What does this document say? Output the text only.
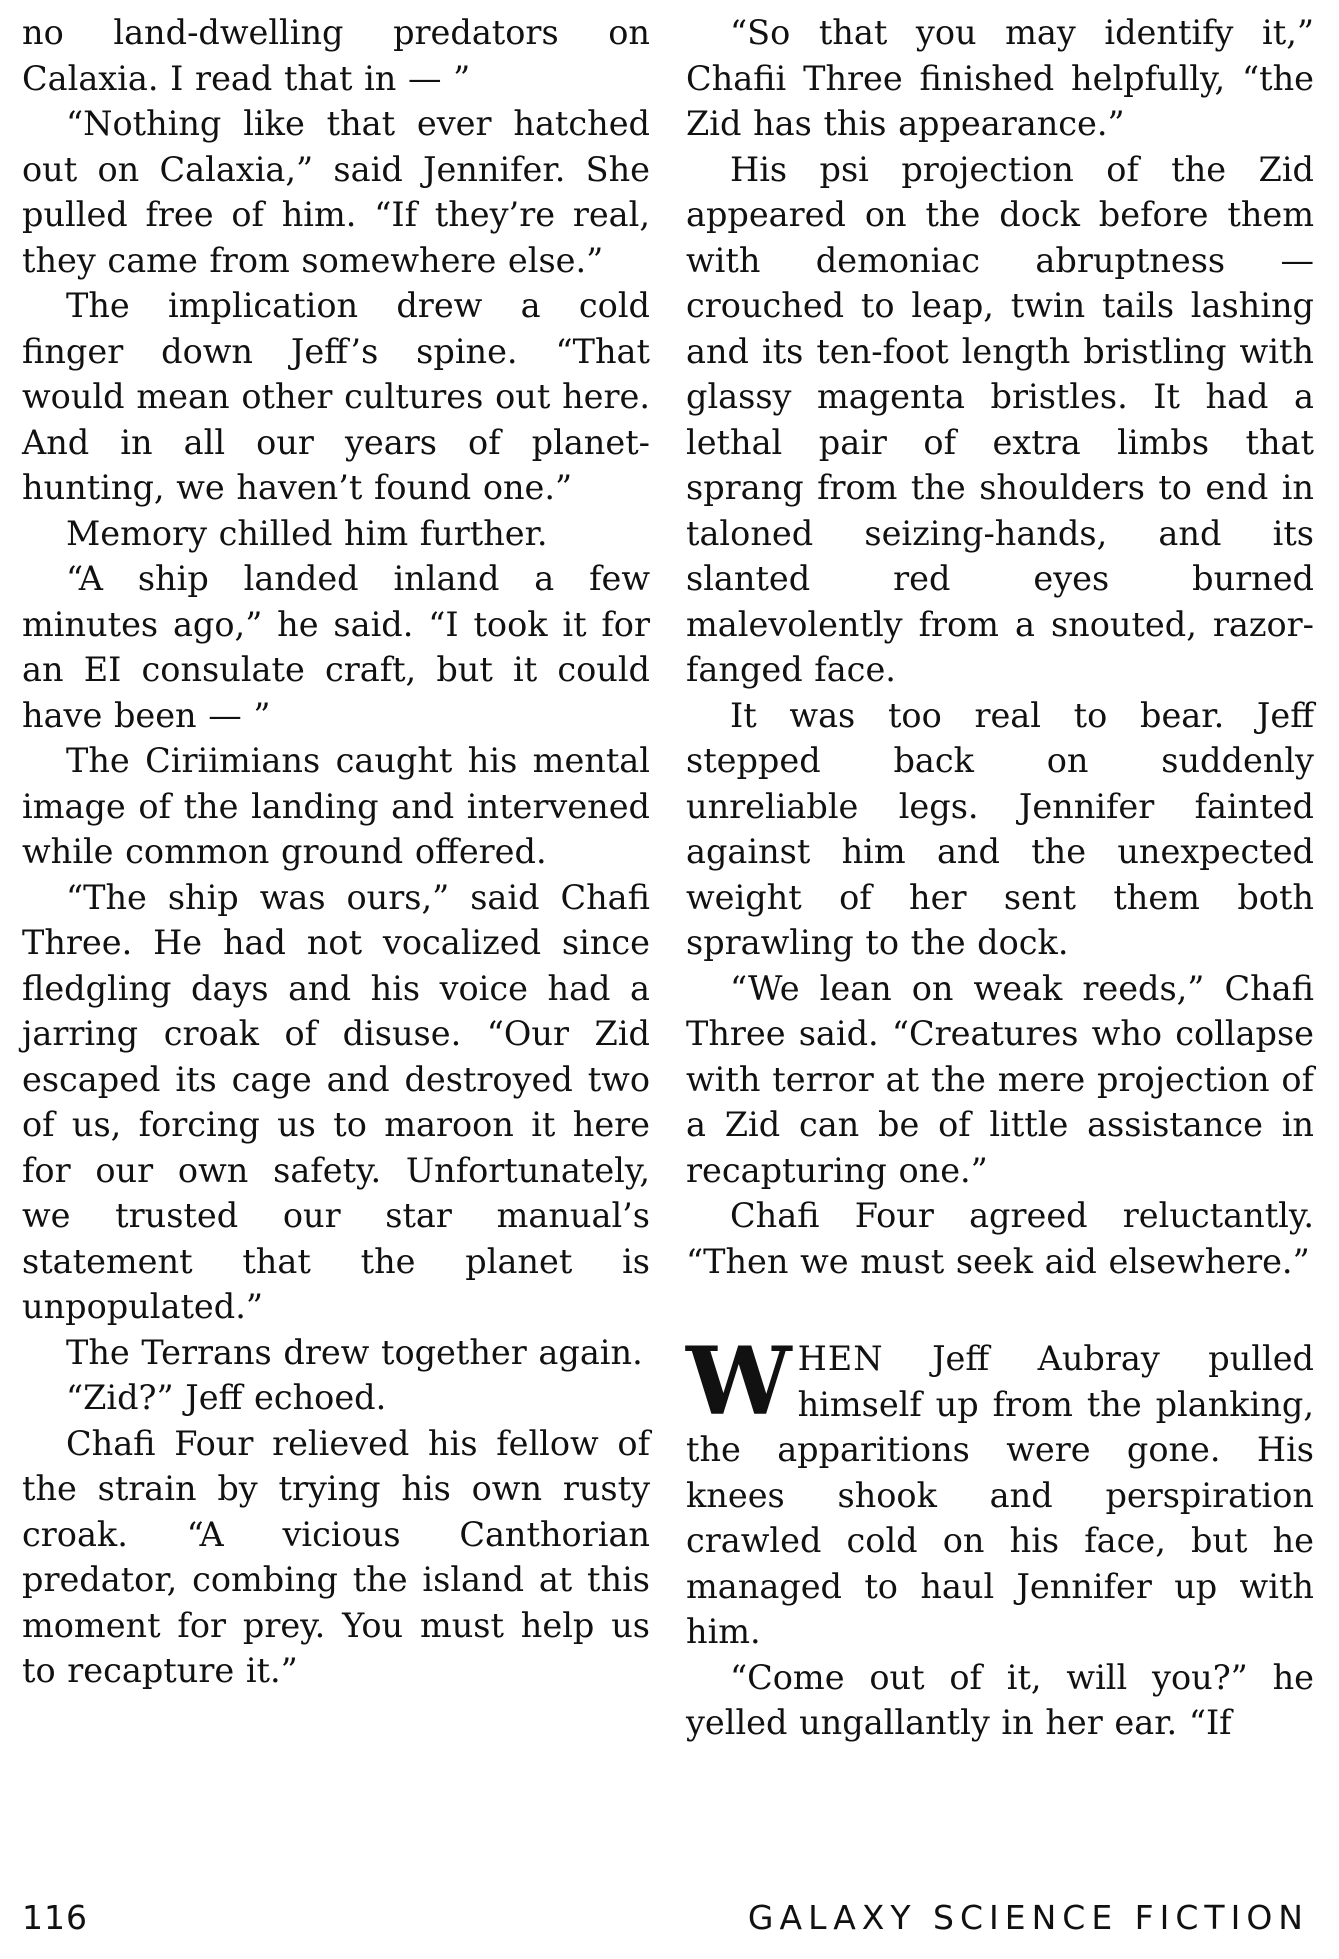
no land-dwelling predators on Calaxia. I read that in — ”

“Nothing like that ever hatched out on Calaxia,” said Jennifer. She pulled free of him. “If they’re real, they came from somewhere else.”

The implication drew a cold finger down Jeff’s spine. “That would mean other cultures out here. And in all our years of planet-hunting, we haven’t found one.”

Memory chilled him further.

“A ship landed inland a few minutes ago,” he said. “I took it for an EI consulate craft, but it could have been — ”

The Ciriimians caught his mental image of the landing and intervened while common ground offered.

“The ship was ours,” said Chafi Three. He had not vocalized since fledgling days and his voice had a jarring croak of disuse. “Our Zid escaped its cage and destroyed two of us, forcing us to maroon it here for our own safety. Unfortunately, we trusted our star manual’s statement that the planet is unpopulated.”

The Terrans drew together again.

“Zid?” Jeff echoed.

Chafi Four relieved his fellow of the strain by trying his own rusty croak. “A vicious Canthorian predator, combing the island at this moment for prey. You must help us to recapture it.”

“So that you may identify it,” Chafii Three finished helpfully, “the Zid has this appearance.”

His psi projection of the Zid appeared on the dock before them with demoniac abruptness — crouched to leap, twin tails lashing and its ten-foot length bristling with glassy magenta bristles. It had a lethal pair of extra limbs that sprang from the shoulders to end in taloned seizing-hands, and its slanted red eyes burned malevolently from a snouted, razor-fanged face.

It was too real to bear. Jeff stepped back on suddenly unreliable legs. Jennifer fainted against him and the unexpected weight of her sent them both sprawling to the dock.

“We lean on weak reeds,” Chafi Three said. “Creatures who collapse with terror at the mere projection of a Zid can be of little assistance in recapturing one.”

Chafi Four agreed reluctantly. “Then we must seek aid elsewhere.”

WHEN Jeff Aubray pulled himself up from the planking, the apparitions were gone. His knees shook and perspiration crawled cold on his face, but he managed to haul Jennifer up with him.

“Come out of it, will you?” he yelled ungallantly in her ear. “If

116	GALAXY SCIENCE FICTION
